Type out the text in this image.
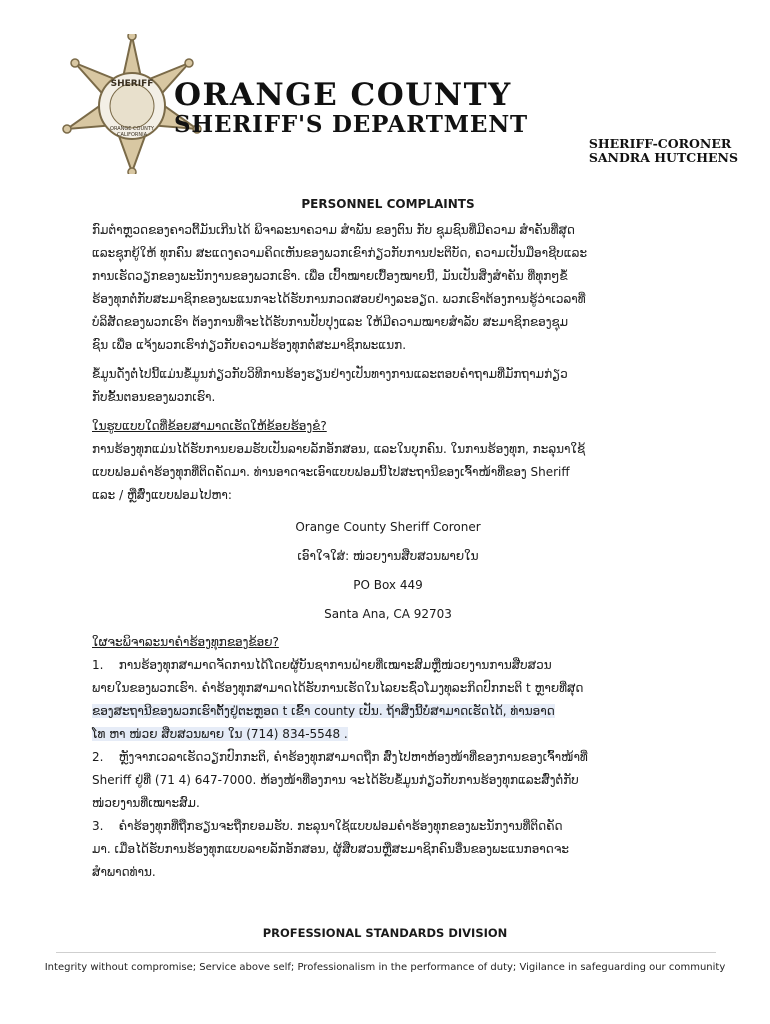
SHERIFF
ORANGE COUNTY
CALIFORNIA
ORANGE COUNTY
SHERIFF'S DEPARTMENT
SHERIFF-CORONER
SANDRA HUTCHENS
PERSONNEL COMPLAINTS

ກົມຕຳຫຼວດຂອງຄາວຕີ້ມັນເກີນໄດ້ ພິຈາລະນາຄວາມ ສຳພັນ ຂອງຕົນ ກັບ ຊຸມຊົນທີ່ມີຄວາມ ສຳຄັນທີ່ສຸດ

ແລະຊຸກຍູ້ໃຫ້ ທຸກຄົນ ສະແດງຄວາມຄິດເຫັນຂອງພວກເຂົາກ່ຽວກັບການປະຕິບັດ, ຄວາມເປັນມືອາຊີບແລະ

ການເຮັດວຽກຂອງພະນັກງານຂອງພວກເຮົາ. ເພື່ອ ເປົ້າໝາຍເບື້ອງໝາຍນີ້, ມັນເປັນສິ່ງສຳຄັນ ທີ່ທຸກໆຂໍ້

ຮ້ອງທຸກຕໍ່ກັບສະມາຊິກຂອງພະແນກຈະໄດ້ຮັບການກວດສອບຢ່າງລະອຽດ. ພວກເຮົາຕ້ອງການຮູ້ວ່າເວລາທີ່

ບໍລິສັດຂອງພວກເຮົາ ຕ້ອງການທີ່ຈະໄດ້ຮັບການປັບປຸງແລະ ໃຫ້ມີຄວາມໝາຍສຳລັບ ສະມາຊິກຂອງຊຸມ

ຊົນ ເພື່ອ ແຈ້ງພວກເຮົາກ່ຽວກັບຄວາມຮ້ອງທຸກຕໍ່ສະມາຊິກພະແນກ.

ຂໍ້ມູນດັ່ງຕໍ່ໄປນີ້ແມ່ນຂໍ້ມູນກ່ຽວກັບວິທີການຮ້ອງຮຽນຢ່າງເປັນທາງການແລະຕອບຄຳຖາມທີ່ມັກຖາມກ່ຽວ

ກັບຂັ້ນຕອນຂອງພວກເຮົາ.

ໃນຮູບແບບໃດທີ່ຂ້ອຍສາມາດເຮັດໃຫ້ຂ້ອຍຮ້ອງຂໍ?

ການຮ້ອງທຸກແມ່ນໄດ້ຮັບການຍອມຮັບເປັນລາຍລັກອັກສອນ, ແລະໃນບຸກຄົນ. ໃນການຮ້ອງທຸກ, ກະລຸນາໃຊ້

ແບບຟອມຄຳຮ້ອງທຸກທີ່ຕິດຄັດມາ. ທ່ານອາດຈະເອົາແບບຟອມນີ້ໄປສະຖານີຂອງເຈົ້າໜ້າທີ່ຂອງ Sheriff

ແລະ / ຫຼືສົ່ງແບບຟອມໄປຫາ:

Orange County Sheriff Coroner

ເອົາໃຈໃສ່: ໜ່ວຍງານສືບສວນພາຍໃນ

PO Box 449

Santa Ana, CA 92703

ໃຜຈະພິຈາລະນາຄຳຮ້ອງທຸກຂອງຂ້ອຍ?

1. ການຮ້ອງທຸກສາມາດຈັດການໄດ້ໂດຍຜູ້ບັນຊາການຝ່າຍທີ່ເໝາະສົມຫຼືໜ່ວຍງານການສືບສວນ

ພາຍໃນຂອງພວກເຮົາ. ຄຳຮ້ອງທຸກສາມາດໄດ້ຮັບການເຮັດໃນໄລຍະຊົ່ວໂມງທຸລະກິດປົກກະຕິ t ຫຼາຍທີ່ສຸດ

ຂອງສະຖານີຂອງພວກເຮົາຕັ້ງຢູ່ຕະຫຼອດ t ເຂົ້າ county ເປັນ. ຖ້າສິ່ງນີ້ບໍ່ສາມາດເຮັດໄດ້, ທ່ານອາດ

ໂທ ຫາ ໜ່ວຍ ສືບສວນພາຍ ໃນ (714) 834-5548 .

2. ຫຼັງຈາກເວລາເຮັດວຽກປົກກະຕິ, ຄຳຮ້ອງທຸກສາມາດຖືກ ສົ່ງໄປຫາຫ້ອງໜ້າທີ່ຂອງການຂອງເຈົ້າໜ້າທີ່

Sheriff ຢູ່ທີ່ (71 4) 647-7000. ຫ້ອງໜ້າທີ່ອງການ ຈະໄດ້ຮັບຂໍ້ມູນກ່ຽວກັບການຮ້ອງທຸກແລະສົ່ງຕໍ່ກັບ

ໜ່ວຍງານທີ່ເໝາະສົມ.

3. ຄຳຮ້ອງທຸກທີ່ຖືກຮຽນຈະຖືກຍອມຮັບ. ກະລຸນາໃຊ້ແບບຟອມຄຳຮ້ອງທຸກຂອງພະນັກງານທີ່ຕິດຄັດ

ມາ. ເມື່ອໄດ້ຮັບການຮ້ອງທຸກແບບລາຍລັກອັກສອນ, ຜູ້ສືບສວນຫຼືສະມາຊິກຄົນອື່ນຂອງພະແນກອາດຈະ

ສຳພາດທ່ານ.

PROFESSIONAL STANDARDS DIVISION
Integrity without compromise; Service above self; Professionalism in the performance of duty; Vigilance in safeguarding our community
